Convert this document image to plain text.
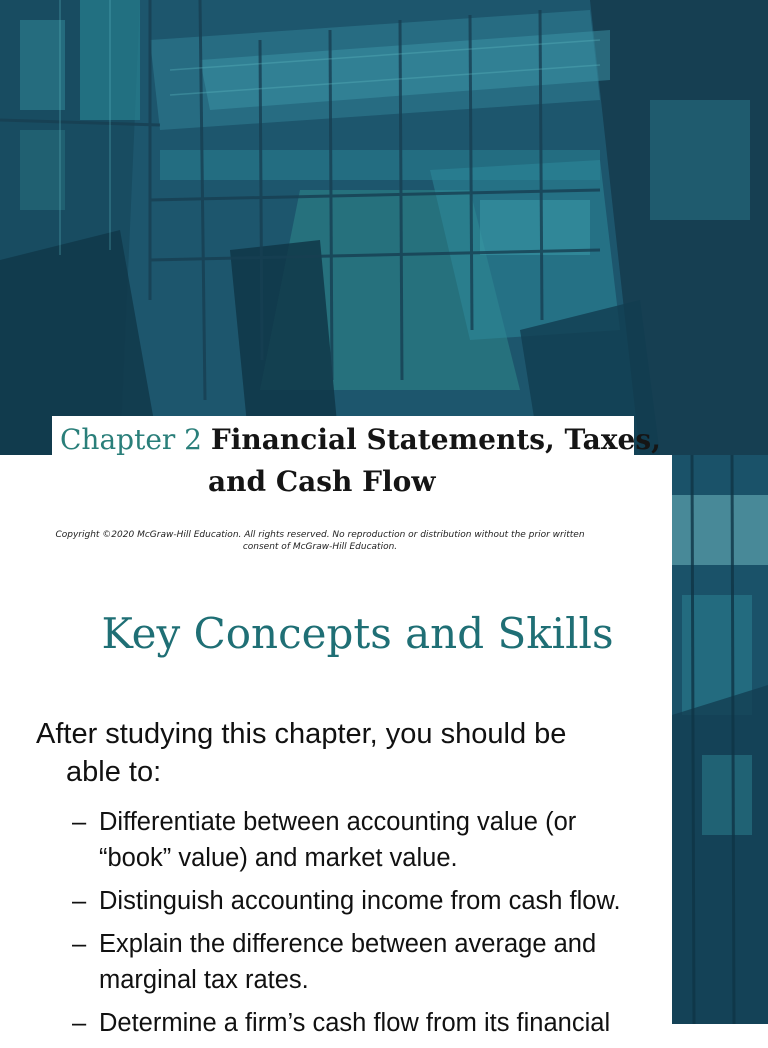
Chapter 2 Financial Statements, Taxes,
and Cash Flow
Copyright ©2020 McGraw-Hill Education. All rights reserved. No reproduction or distribution without the prior written
consent of McGraw-Hill Education.
Key Concepts and Skills
After studying this chapter, you should be
able to:
– Differentiate between accounting value (or
“book” value) and market value.
– Distinguish accounting income from cash flow.
– Explain the difference between average and
marginal tax rates.
– Determine a firm’s cash flow from its financial
